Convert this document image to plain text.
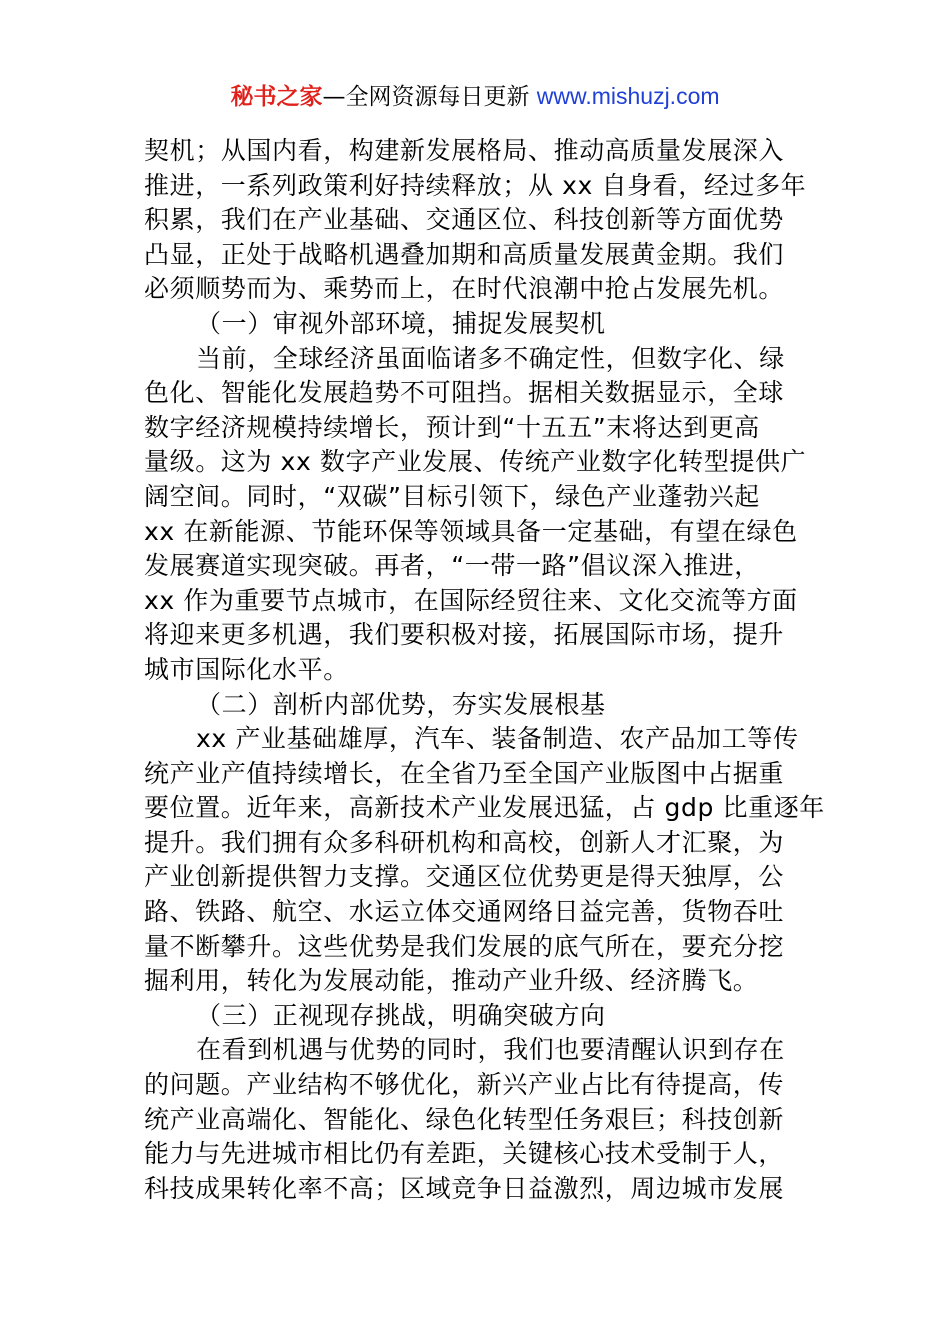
秘书之家—全网资源每日更新 www.mishuzj.com
契机；从国内看，构建新发展格局、推动高质量发展深入
推进，一系列政策利好持续释放；从 xx 自身看，经过多年
积累，我们在产业基础、交通区位、科技创新等方面优势
凸显，正处于战略机遇叠加期和高质量发展黄金期。我们
必须顺势而为、乘势而上，在时代浪潮中抢占发展先机。
（一）审视外部环境，捕捉发展契机
当前，全球经济虽面临诸多不确定性，但数字化、绿
色化、智能化发展趋势不可阻挡。据相关数据显示，全球
数字经济规模持续增长，预计到“十五五”末将达到更高
量级。这为 xx 数字产业发展、传统产业数字化转型提供广
阔空间。同时，“双碳”目标引领下，绿色产业蓬勃兴起
xx 在新能源、节能环保等领域具备一定基础，有望在绿色
发展赛道实现突破。再者，“一带一路”倡议深入推进，
xx 作为重要节点城市，在国际经贸往来、文化交流等方面
将迎来更多机遇，我们要积极对接，拓展国际市场，提升
城市国际化水平。
（二）剖析内部优势，夯实发展根基
xx 产业基础雄厚，汽车、装备制造、农产品加工等传
统产业产值持续增长，在全省乃至全国产业版图中占据重
要位置。近年来，高新技术产业发展迅猛，占 gdp 比重逐年
提升。我们拥有众多科研机构和高校，创新人才汇聚，为
产业创新提供智力支撑。交通区位优势更是得天独厚，公
路、铁路、航空、水运立体交通网络日益完善，货物吞吐
量不断攀升。这些优势是我们发展的底气所在，要充分挖
掘利用，转化为发展动能，推动产业升级、经济腾飞。
（三）正视现存挑战，明确突破方向
在看到机遇与优势的同时，我们也要清醒认识到存在
的问题。产业结构不够优化，新兴产业占比有待提高，传
统产业高端化、智能化、绿色化转型任务艰巨；科技创新
能力与先进城市相比仍有差距，关键核心技术受制于人，
科技成果转化率不高；区域竞争日益激烈，周边城市发展
